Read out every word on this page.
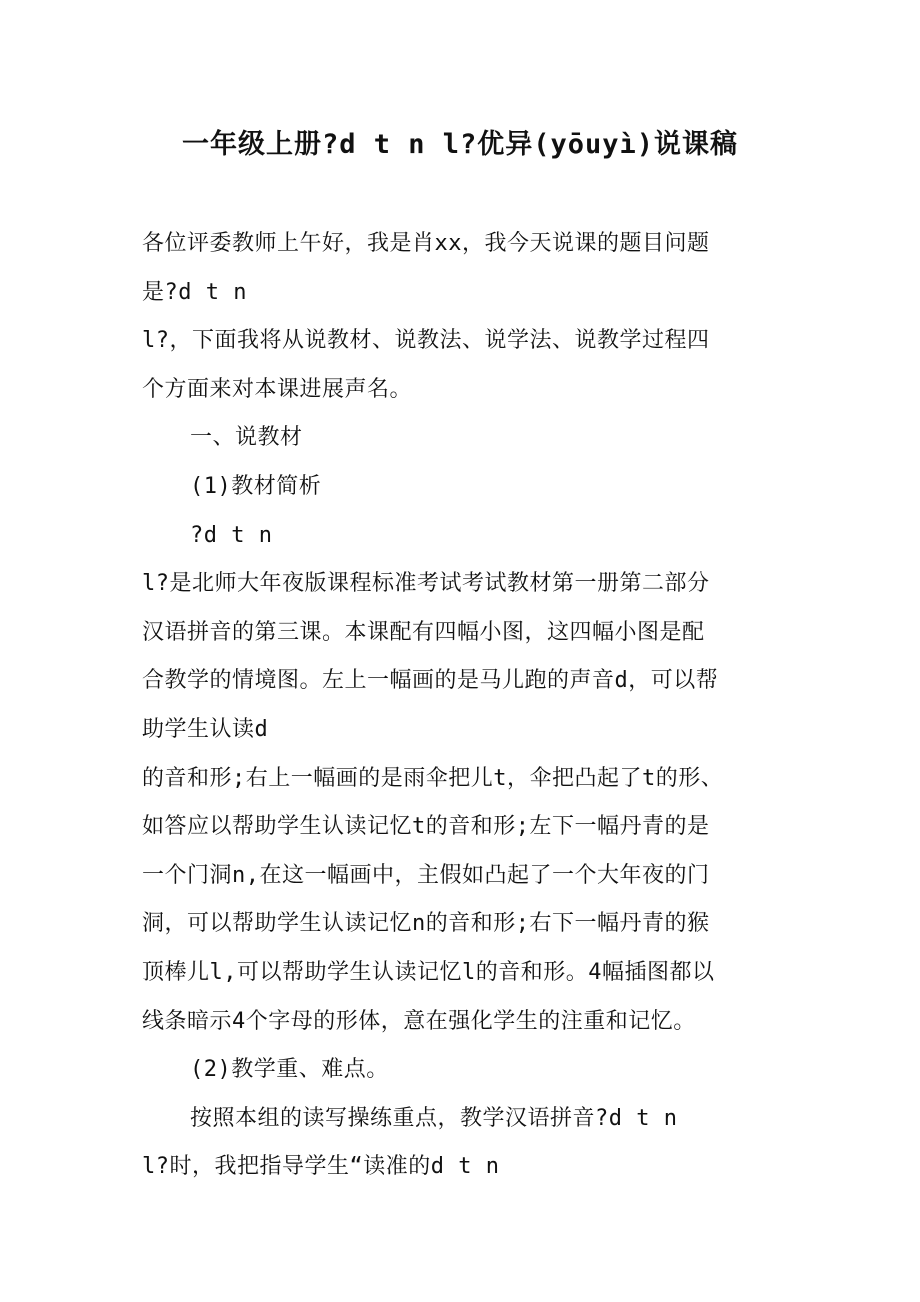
一年级上册?d t n l?优异(yōuyì)说课稿
各位评委教师上午好，我是肖xx，我今天说课的题目问题
是?d t n
l?，下面我将从说教材、说教法、说学法、说教学过程四
个方面来对本课进展声名。
一、说教材
(1)教材简析
?d t n
l?是北师大年夜版课程标准考试考试教材第一册第二部分
汉语拼音的第三课。本课配有四幅小图，这四幅小图是配
合教学的情境图。左上一幅画的是马儿跑的声音d，可以帮
助学生认读d
的音和形;右上一幅画的是雨伞把儿t，伞把凸起了t的形、
如答应以帮助学生认读记忆t的音和形;左下一幅丹青的是
一个门洞n,在这一幅画中，主假如凸起了一个大年夜的门
洞，可以帮助学生认读记忆n的音和形;右下一幅丹青的猴
顶棒儿l,可以帮助学生认读记忆l的音和形。4幅插图都以
线条暗示4个字母的形体，意在强化学生的注重和记忆。
(2)教学重、难点。
按照本组的读写操练重点，教学汉语拼音?d t n
l?时，我把指导学生“读准的d t n
